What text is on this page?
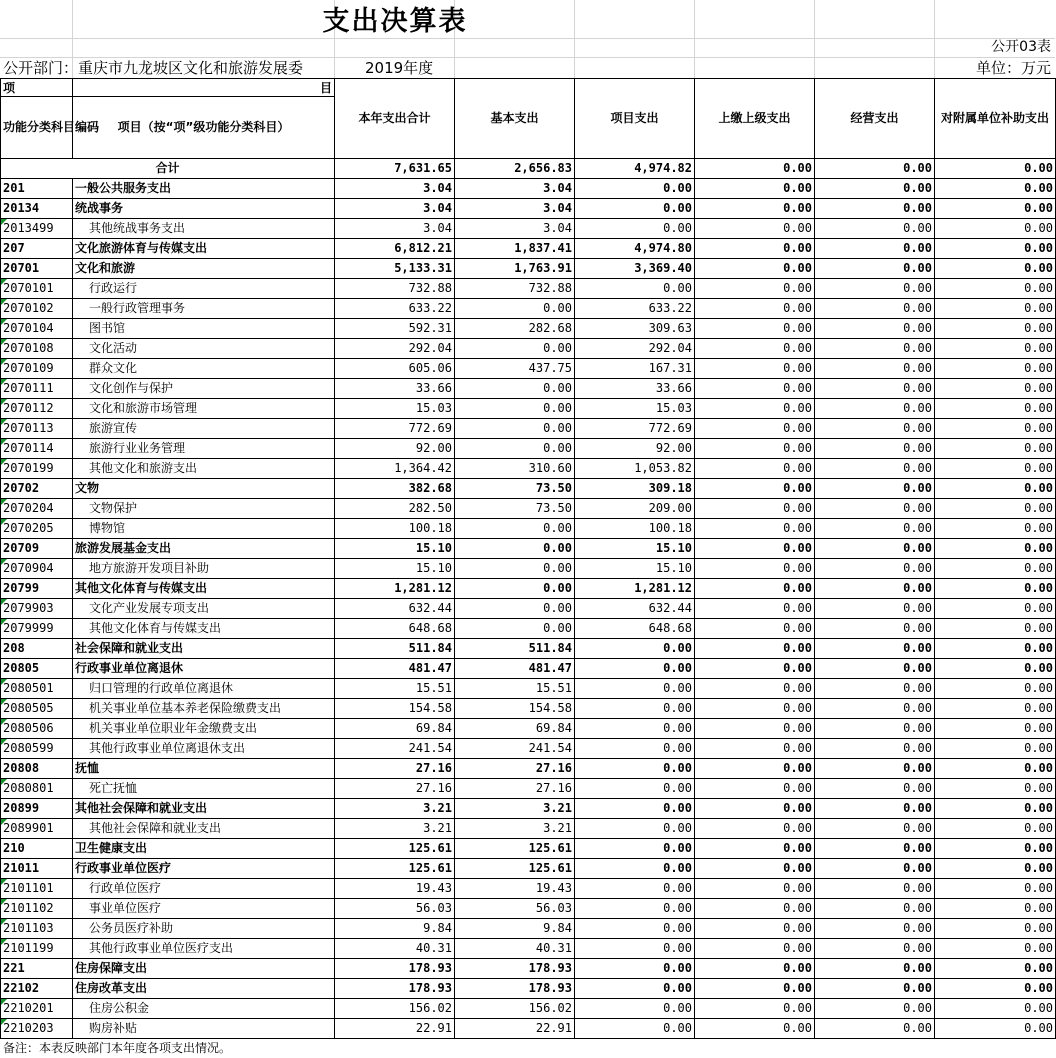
支出决算表
公开03表
公开部门：重庆市九龙坡区文化和旅游发展委	2019年度	单位：万元
项	目	本年支出合计	基本支出	项目支出	上缴上级支出	经营支出	对附属单位补助支出
功能分类科目编码	项目（按“项”级功能分类科目）						
合计		7,631.65	2,656.83	4,974.82	0.00	0.00	0.00
201	一般公共服务支出	3.04	3.04	0.00	0.00	0.00	0.00
20134	统战事务	3.04	3.04	0.00	0.00	0.00	0.00

2013499	其他统战事务支出	3.04	3.04	0.00	0.00	0.00	0.00
207	文化旅游体育与传媒支出	6,812.21	1,837.41	4,974.80	0.00	0.00	0.00
20701	文化和旅游	5,133.31	1,763.91	3,369.40	0.00	0.00	0.00

2070101	行政运行	732.88	732.88	0.00	0.00	0.00	0.00

2070102	一般行政管理事务	633.22	0.00	633.22	0.00	0.00	0.00

2070104	图书馆	592.31	282.68	309.63	0.00	0.00	0.00

2070108	文化活动	292.04	0.00	292.04	0.00	0.00	0.00

2070109	群众文化	605.06	437.75	167.31	0.00	0.00	0.00

2070111	文化创作与保护	33.66	0.00	33.66	0.00	0.00	0.00

2070112	文化和旅游市场管理	15.03	0.00	15.03	0.00	0.00	0.00

2070113	旅游宣传	772.69	0.00	772.69	0.00	0.00	0.00

2070114	旅游行业业务管理	92.00	0.00	92.00	0.00	0.00	0.00

2070199	其他文化和旅游支出	1,364.42	310.60	1,053.82	0.00	0.00	0.00
20702	文物	382.68	73.50	309.18	0.00	0.00	0.00

2070204	文物保护	282.50	73.50	209.00	0.00	0.00	0.00

2070205	博物馆	100.18	0.00	100.18	0.00	0.00	0.00
20709	旅游发展基金支出	15.10	0.00	15.10	0.00	0.00	0.00

2070904	地方旅游开发项目补助	15.10	0.00	15.10	0.00	0.00	0.00
20799	其他文化体育与传媒支出	1,281.12	0.00	1,281.12	0.00	0.00	0.00

2079903	文化产业发展专项支出	632.44	0.00	632.44	0.00	0.00	0.00

2079999	其他文化体育与传媒支出	648.68	0.00	648.68	0.00	0.00	0.00
208	社会保障和就业支出	511.84	511.84	0.00	0.00	0.00	0.00
20805	行政事业单位离退休	481.47	481.47	0.00	0.00	0.00	0.00

2080501	归口管理的行政单位离退休	15.51	15.51	0.00	0.00	0.00	0.00

2080505	机关事业单位基本养老保险缴费支出	154.58	154.58	0.00	0.00	0.00	0.00

2080506	机关事业单位职业年金缴费支出	69.84	69.84	0.00	0.00	0.00	0.00

2080599	其他行政事业单位离退休支出	241.54	241.54	0.00	0.00	0.00	0.00
20808	抚恤	27.16	27.16	0.00	0.00	0.00	0.00

2080801	死亡抚恤	27.16	27.16	0.00	0.00	0.00	0.00
20899	其他社会保障和就业支出	3.21	3.21	0.00	0.00	0.00	0.00

2089901	其他社会保障和就业支出	3.21	3.21	0.00	0.00	0.00	0.00
210	卫生健康支出	125.61	125.61	0.00	0.00	0.00	0.00
21011	行政事业单位医疗	125.61	125.61	0.00	0.00	0.00	0.00

2101101	行政单位医疗	19.43	19.43	0.00	0.00	0.00	0.00

2101102	事业单位医疗	56.03	56.03	0.00	0.00	0.00	0.00

2101103	公务员医疗补助	9.84	9.84	0.00	0.00	0.00	0.00

2101199	其他行政事业单位医疗支出	40.31	40.31	0.00	0.00	0.00	0.00
221	住房保障支出	178.93	178.93	0.00	0.00	0.00	0.00
22102	住房改革支出	178.93	178.93	0.00	0.00	0.00	0.00

2210201	住房公积金	156.02	156.02	0.00	0.00	0.00	0.00

2210203	购房补贴	22.91	22.91	0.00	0.00	0.00	0.00
备注：本表反映部门本年度各项支出情况。
